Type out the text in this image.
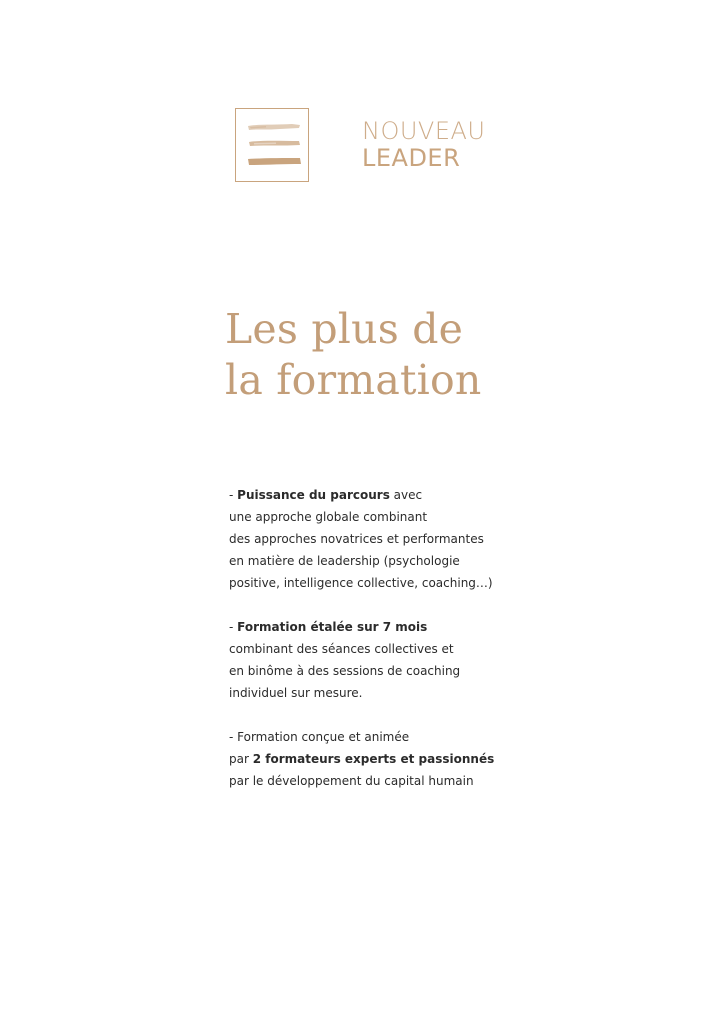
NOUVEAU
LEADER
Les plus de
la formation

- Puissance du parcours avec
une approche globale combinant
des approches novatrices et performantes
en matière de leadership (psychologie
positive, intelligence collective, coaching…)

- Formation étalée sur 7 mois
combinant des séances collectives et
en binôme à des sessions de coaching
individuel sur mesure.

- Formation conçue et animée
par 2 formateurs experts et passionnés
par le développement du capital humain
